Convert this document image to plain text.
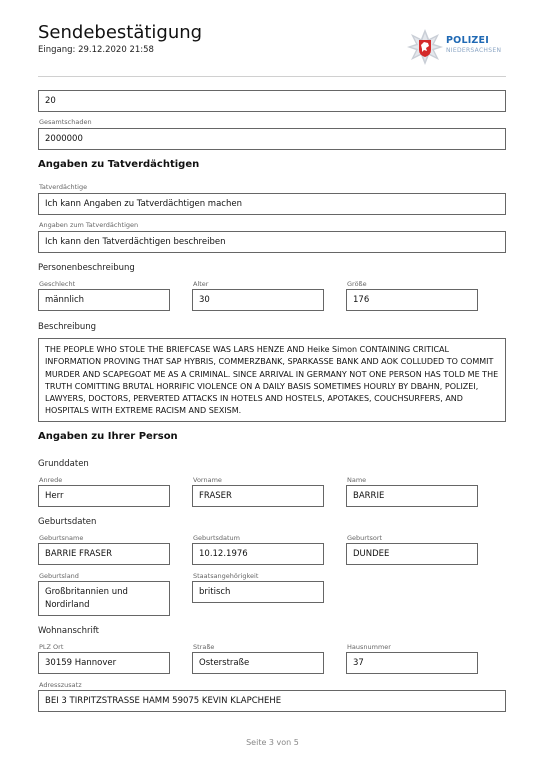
Sendebestätigung
Eingang: 29.12.2020 21:58
POLIZEI
NIEDERSACHSEN
20
Gesamtschaden
2000000
Angaben zu Tatverdächtigen
Tatverdächtige
Ich kann Angaben zu Tatverdächtigen machen
Angaben zum Tatverdächtigen
Ich kann den Tatverdächtigen beschreiben
Personenbeschreibung
Geschlecht
männlich
Alter
30
Größe
176
Beschreibung
THE PEOPLE WHO STOLE THE BRIEFCASE WAS LARS HENZE AND Heike Simon CONTAINING CRITICAL INFORMATION PROVING THAT SAP HYBRIS, COMMERZBANK, SPARKASSE BANK AND AOK COLLUDED TO COMMIT MURDER AND SCAPEGOAT ME AS A CRIMINAL. SINCE ARRIVAL IN GERMANY NOT ONE PERSON HAS TOLD ME THE TRUTH COMITTING BRUTAL HORRIFIC VIOLENCE ON A DAILY BASIS SOMETIMES HOURLY BY DBAHN, POLIZEI, LAWYERS, DOCTORS, PERVERTED ATTACKS IN HOTELS AND HOSTELS, APOTAKES, COUCHSURFERS, AND HOSPITALS WITH EXTREME RACISM AND SEXISM.
Angaben zu Ihrer Person
Grunddaten
Anrede
Herr
Vorname
FRASER
Name
BARRIE
Geburtsdaten
Geburtsname
BARRIE FRASER
Geburtsdatum
10.12.1976
Geburtsort
DUNDEE
Geburtsland
Großbritannien und Nordirland
Staatsangehörigkeit
britisch
Wohnanschrift
PLZ Ort
30159 Hannover
Straße
Osterstraße
Hausnummer
37
Adresszusatz
BEI 3 TIRPITZSTRASSE HAMM 59075 KEVIN KLAPCHEHE
Seite 3 von 5
